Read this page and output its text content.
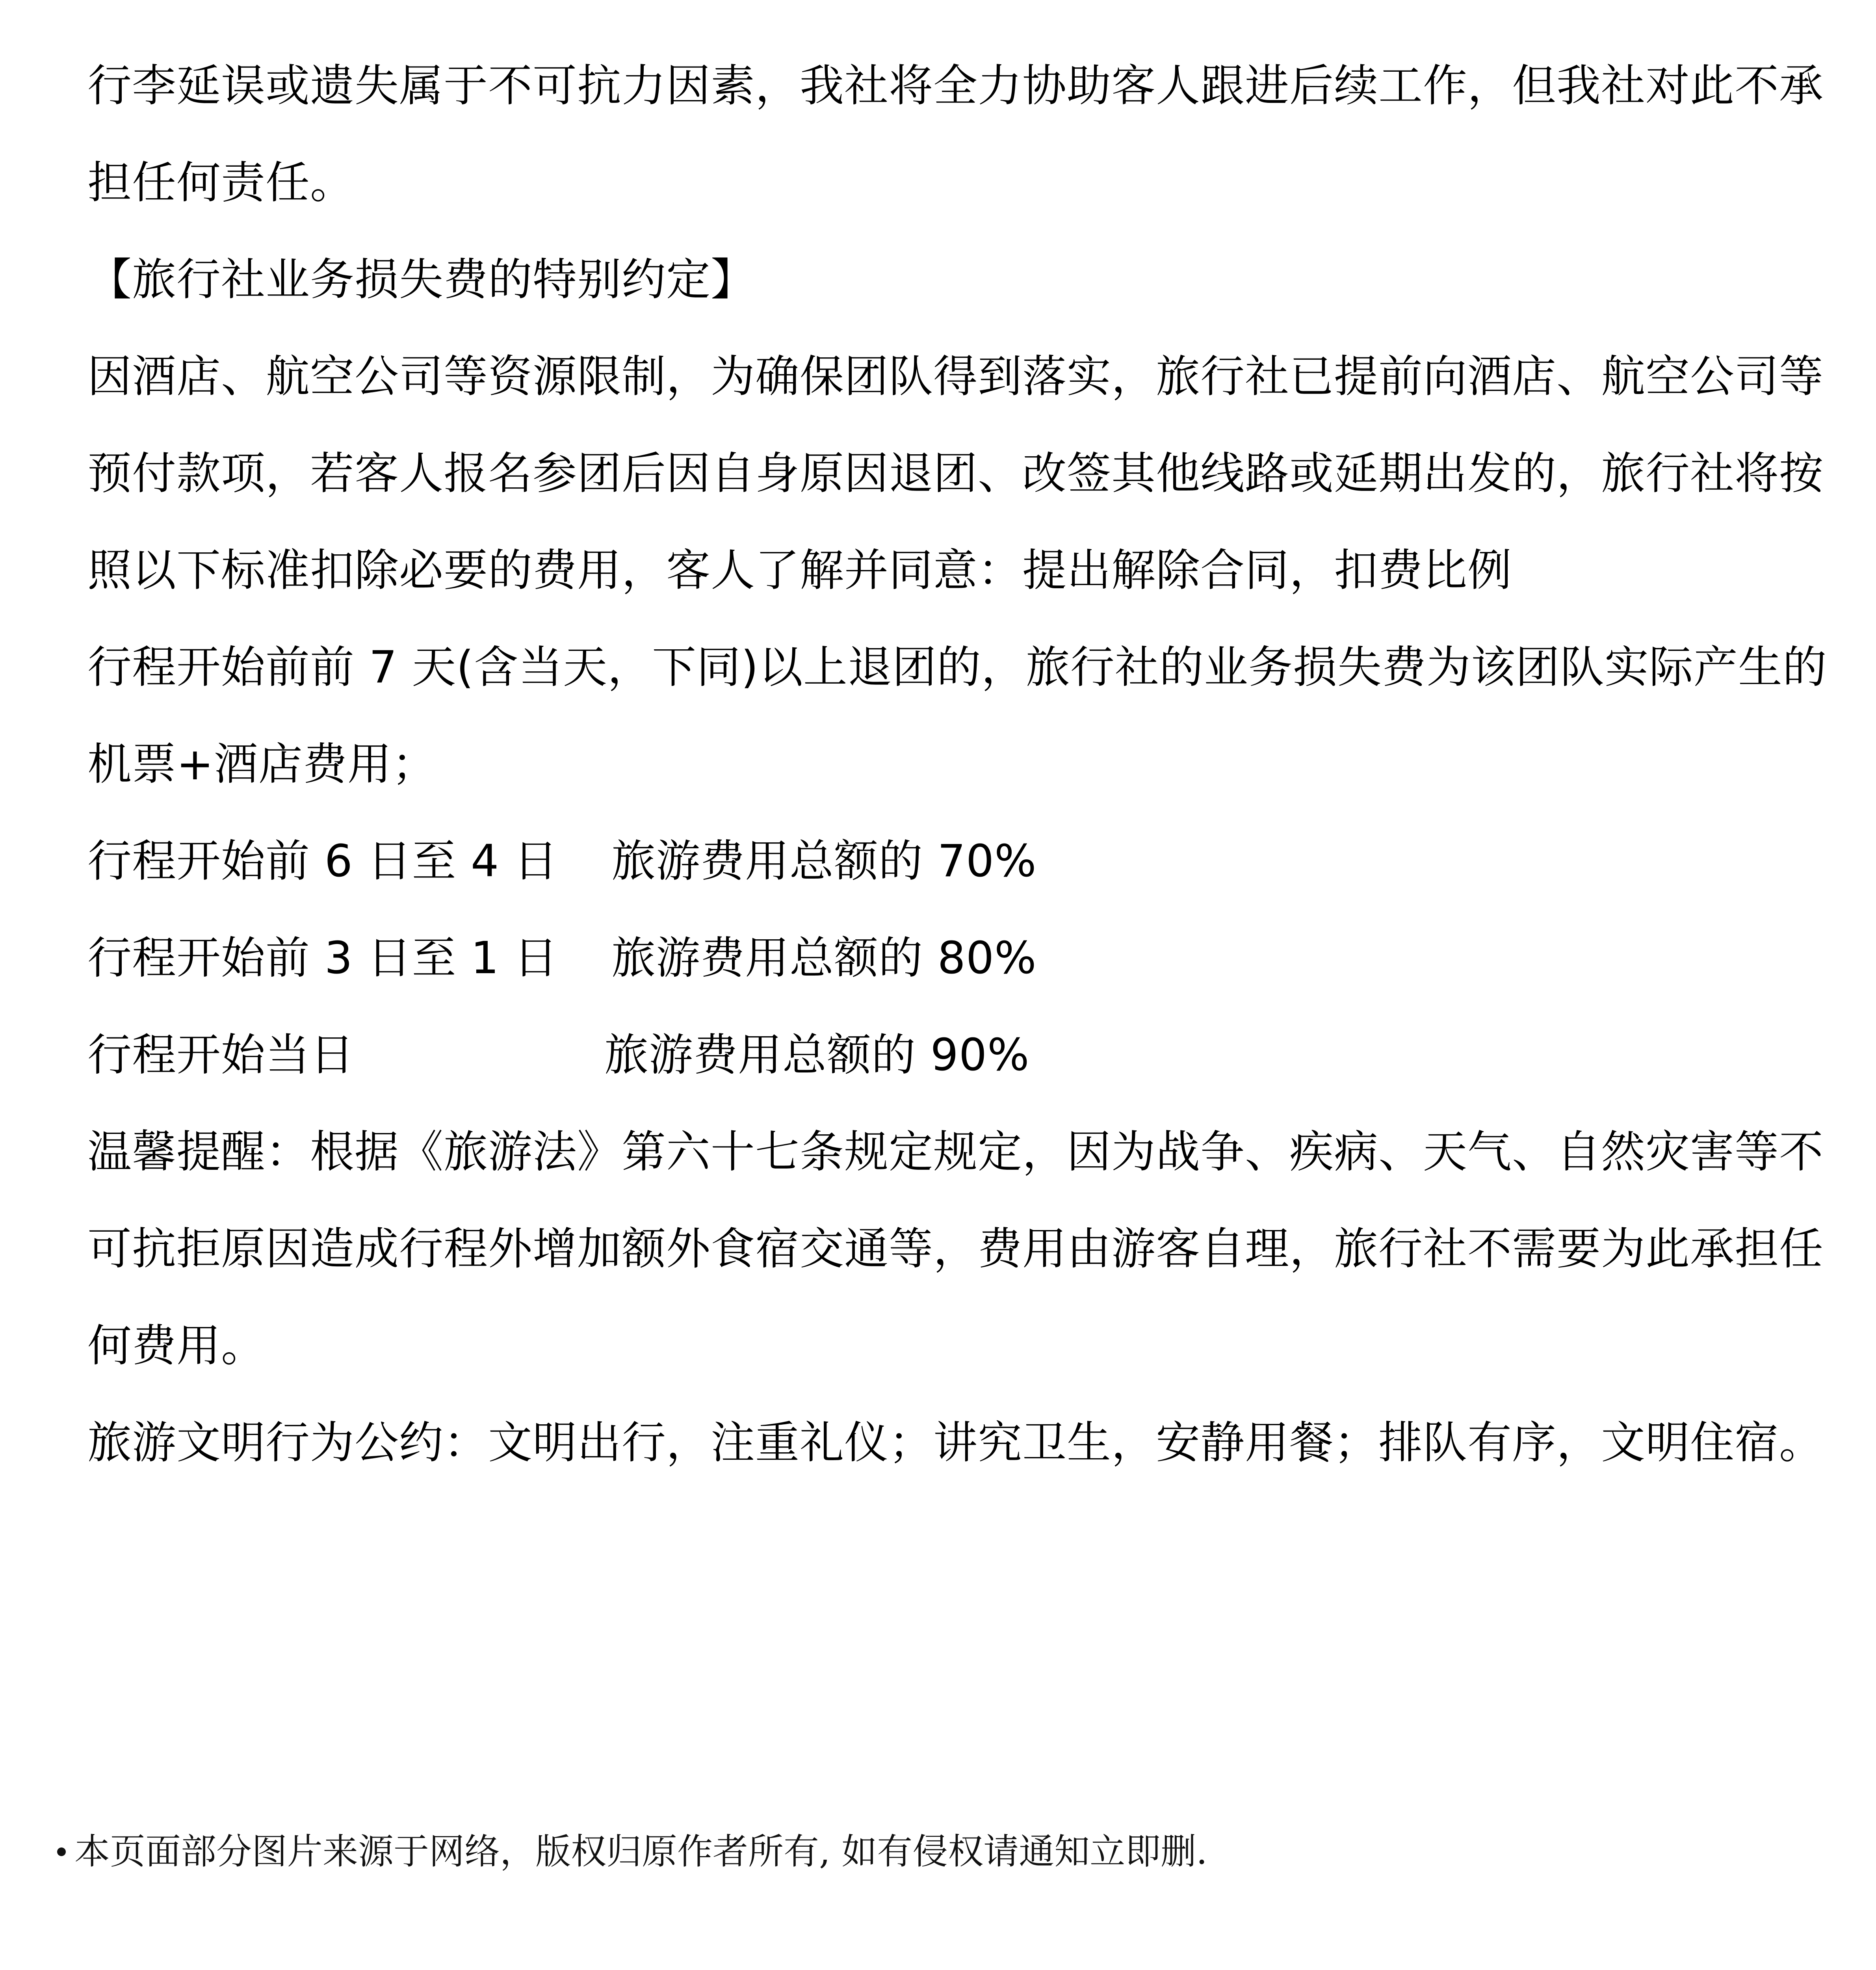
行李延误或遗失属于不可抗力因素，我社将全力协助客人跟进后续工作，但我社对此不承担任何责任。

【旅行社业务损失费的特别约定】

因酒店、航空公司等资源限制，为确保团队得到落实，旅行社已提前向酒店、航空公司等预付款项，若客人报名参团后因自身原因退团、改签其他线路或延期出发的，旅行社将按照以下标准扣除必要的费用，客人了解并同意：提出解除合同，扣费比例

行程开始前前 7 天(含当天，下同)以上退团的，旅行社的业务损失费为该团队实际产生的机票+酒店费用；

行程开始前 6 日至 4 日	旅游费用总额的 70%
行程开始前 3 日至 1 日	旅游费用总额的 80%
行程开始当日	旅游费用总额的 90%

温馨提醒：根据《旅游法》第六十七条规定规定，因为战争、疾病、天气、自然灾害等不可抗拒原因造成行程外增加额外食宿交通等，费用由游客自理，旅行社不需要为此承担任何费用。

旅游文明行为公约：文明出行，注重礼仪；讲究卫生，安静用餐；排队有序，文明住宿。

本页面部分图片来源于网络，版权归原作者所有, 如有侵权请通知立即删.
